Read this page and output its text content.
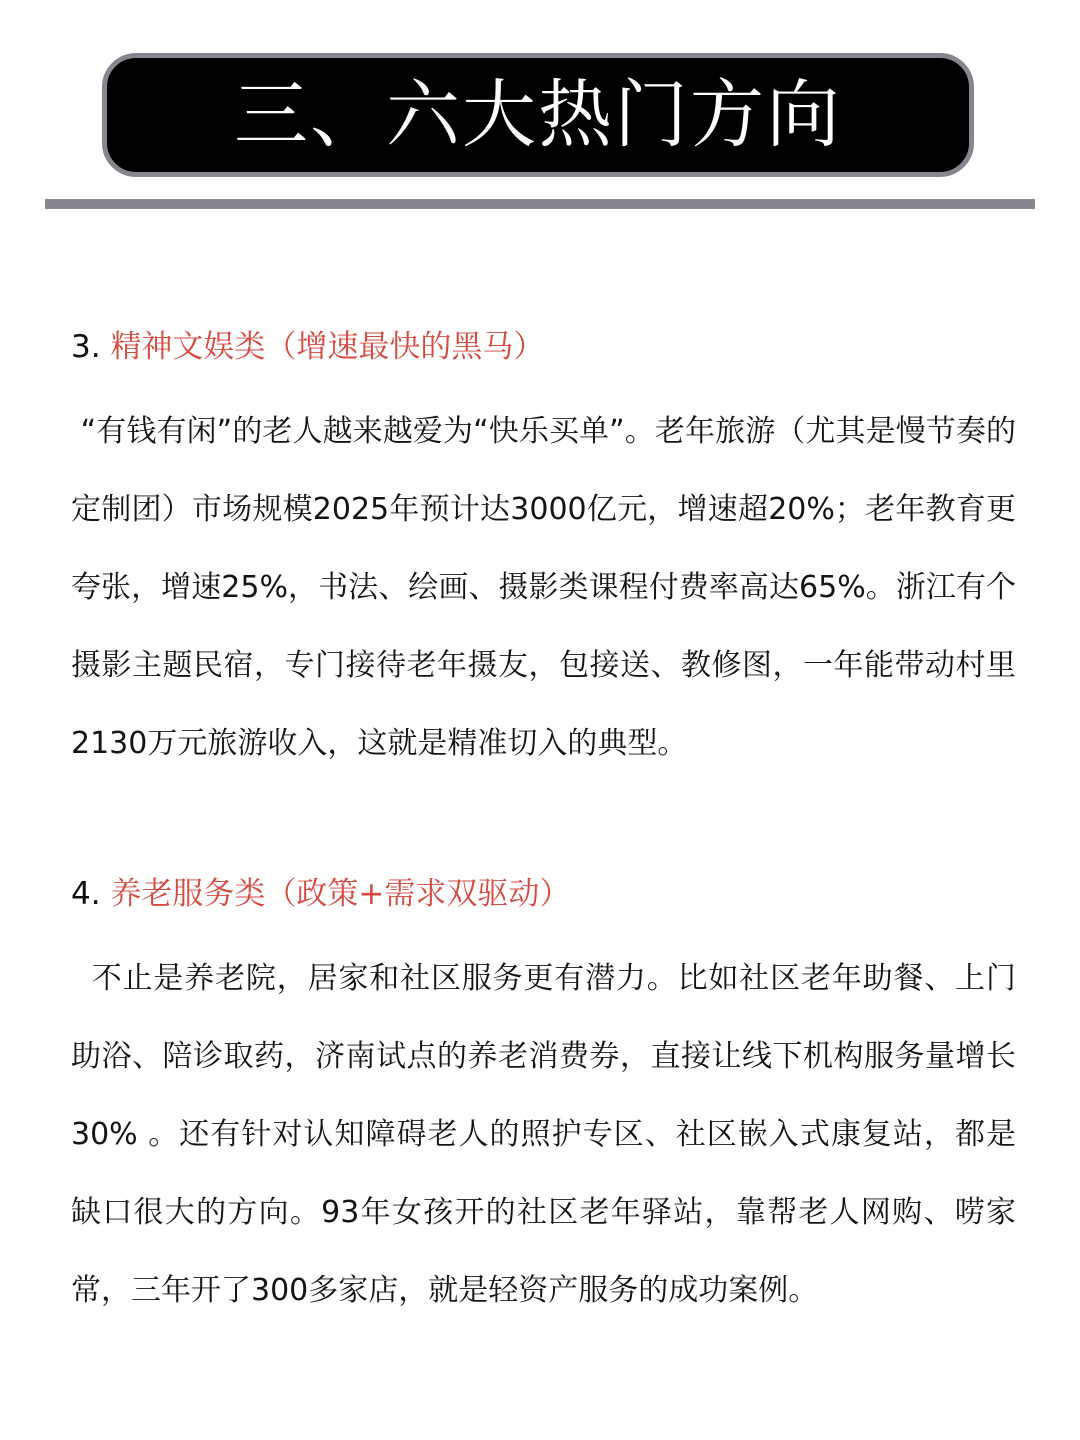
三、六大热门方向
3. 精神文娱类（增速最快的黑马）

“有钱有闲”的老人越来越爱为“快乐买单”。老年旅游（尤其是慢节奏的定制团）市场规模2025年预计达3000亿元，增速超20%；老年教育更夸张，增速25%，书法、绘画、摄影类课程付费率高达65%。浙江有个摄影主题民宿，专门接待老年摄友，包接送、教修图，一年能带动村里2130万元旅游收入，这就是精准切入的典型。

4. 养老服务类（政策+需求双驱动）

不止是养老院，居家和社区服务更有潜力。比如社区老年助餐、上门助浴、陪诊取药，济南试点的养老消费券，直接让线下机构服务量增长30% 。还有针对认知障碍老人的照护专区、社区嵌入式康复站，都是缺口很大的方向。93年女孩开的社区老年驿站，靠帮老人网购、唠家常，三年开了300多家店，就是轻资产服务的成功案例。
